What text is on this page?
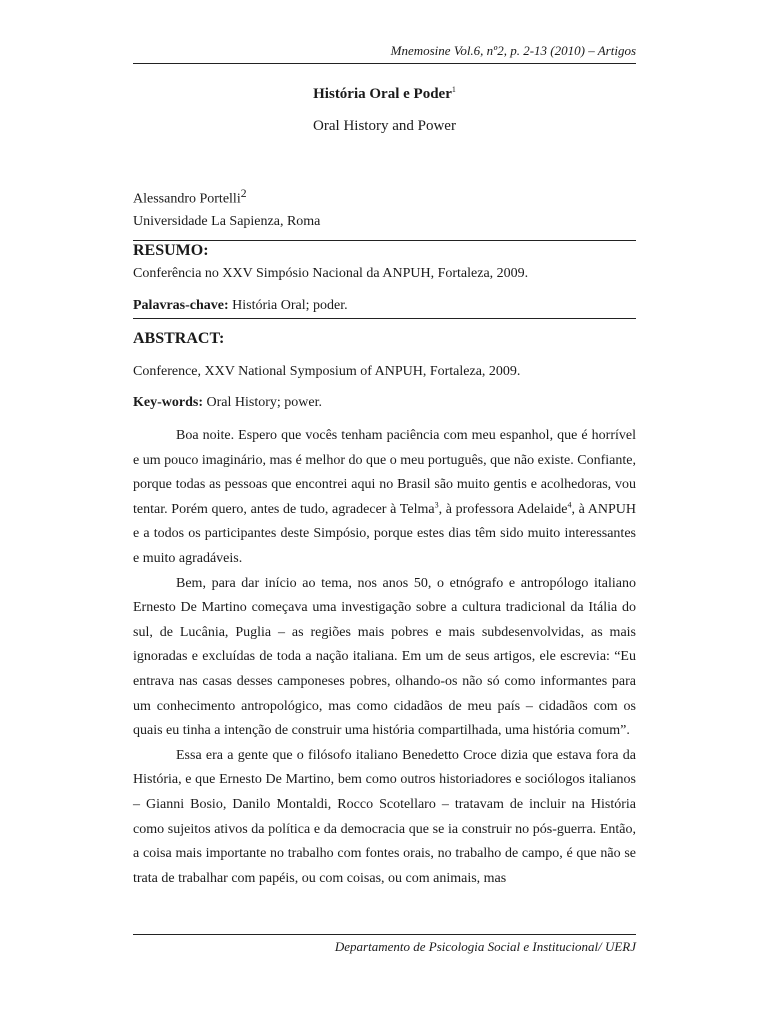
Mnemosine Vol.6, nº2, p. 2-13 (2010) – Artigos
História Oral e Poder$^1$
Oral History and Power
Alessandro Portelli$^2$
Universidade La Sapienza, Roma
RESUMO:
Conferência no XXV Simpósio Nacional da ANPUH, Fortaleza, 2009.
Palavras-chave: História Oral; poder.
ABSTRACT:
Conference, XXV National Symposium of ANPUH, Fortaleza, 2009.
Key-words: Oral History; power.

Boa noite. Espero que vocês tenham paciência com meu espanhol, que é horrível e um pouco imaginário, mas é melhor do que o meu português, que não existe. Confiante, porque todas as pessoas que encontrei aqui no Brasil são muito gentis e acolhedoras, vou tentar. Porém quero, antes de tudo, agradecer à Telma$^3$, à professora Adelaide$^4$, à ANPUH e a todos os participantes deste Simpósio, porque estes dias têm sido muito interessantes e muito agradáveis.

Bem, para dar início ao tema, nos anos 50, o etnógrafo e antropólogo italiano Ernesto De Martino começava uma investigação sobre a cultura tradicional da Itália do sul, de Lucânia, Puglia – as regiões mais pobres e mais subdesenvolvidas, as mais ignoradas e excluídas de toda a nação italiana. Em um de seus artigos, ele escrevia: “Eu entrava nas casas desses camponeses pobres, olhando-os não só como informantes para um conhecimento antropológico, mas como cidadãos de meu país – cidadãos com os quais eu tinha a intenção de construir uma história compartilhada, uma história comum”.

Essa era a gente que o filósofo italiano Benedetto Croce dizia que estava fora da História, e que Ernesto De Martino, bem como outros historiadores e sociólogos italianos – Gianni Bosio, Danilo Montaldi, Rocco Scotellaro – tratavam de incluir na História como sujeitos ativos da política e da democracia que se ia construir no pós-guerra. Então, a coisa mais importante no trabalho com fontes orais, no trabalho de campo, é que não se trata de trabalhar com papéis, ou com coisas, ou com animais, mas

Departamento de Psicologia Social e Institucional/ UERJ
